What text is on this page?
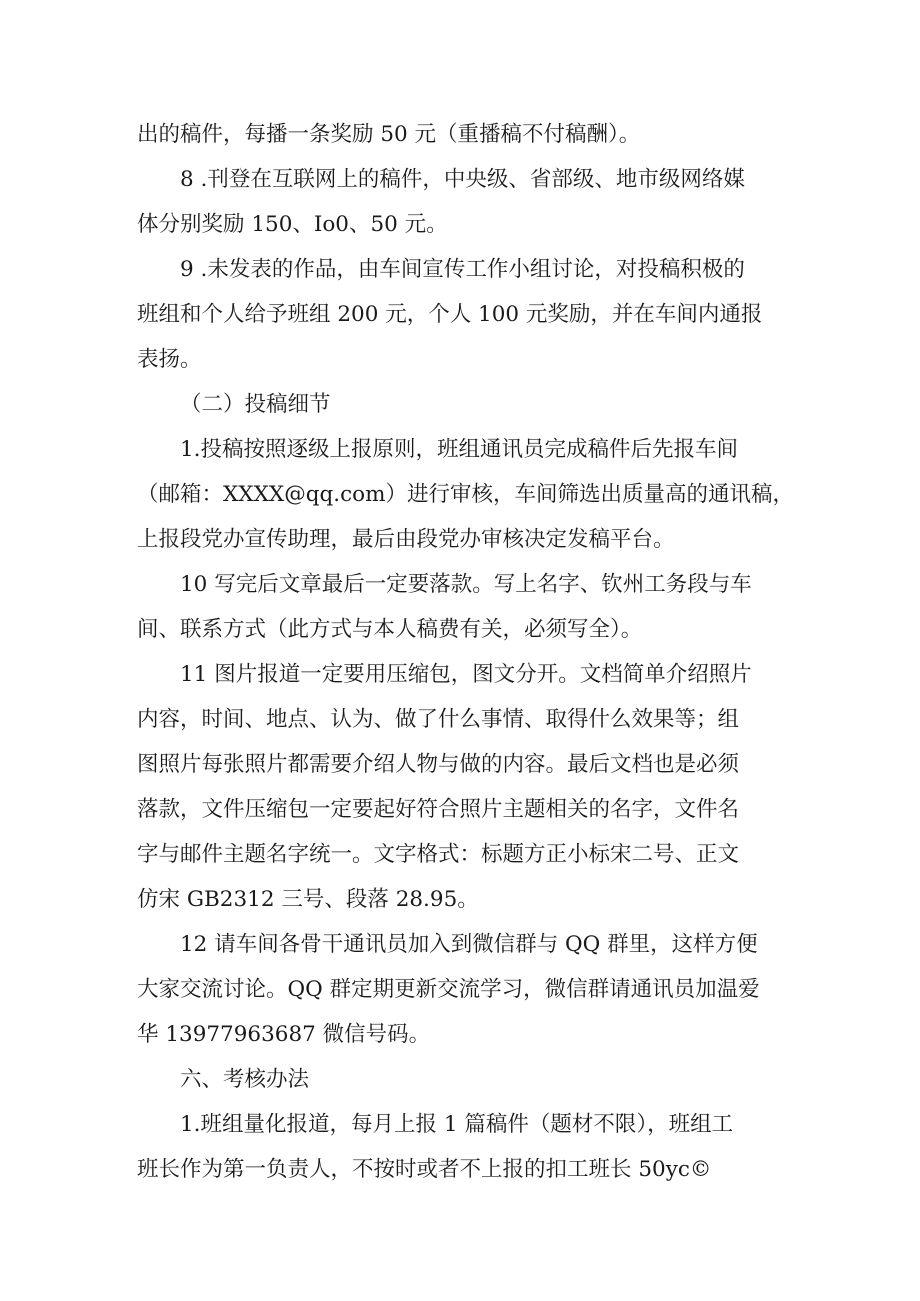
出的稿件，每播一条奖励 50 元（重播稿不付稿酬）。
8 .刊登在互联网上的稿件，中央级、省部级、地市级网络媒
体分别奖励 150、Io0、50 元。
9 .未发表的作品，由车间宣传工作小组讨论，对投稿积极的
班组和个人给予班组 200 元，个人 100 元奖励，并在车间内通报
表扬。
（二）投稿细节
1.投稿按照逐级上报原则，班组通讯员完成稿件后先报车间
（邮箱：XXXX@qq.com）进行审核，车间筛选出质量高的通讯稿，
上报段党办宣传助理，最后由段党办审核决定发稿平台。
10 写完后文章最后一定要落款。写上名字、钦州工务段与车
间、联系方式（此方式与本人稿费有关，必须写全）。
11 图片报道一定要用压缩包，图文分开。文档简单介绍照片
内容，时间、地点、认为、做了什么事情、取得什么效果等；组
图照片每张照片都需要介绍人物与做的内容。最后文档也是必须
落款，文件压缩包一定要起好符合照片主题相关的名字，文件名
字与邮件主题名字统一。文字格式：标题方正小标宋二号、正文
仿宋 GB2312 三号、段落 28.95。
12 请车间各骨干通讯员加入到微信群与 QQ 群里，这样方便
大家交流讨论。QQ 群定期更新交流学习，微信群请通讯员加温爱
华 13977963687 微信号码。
六、考核办法
1.班组量化报道，每月上报 1 篇稿件（题材不限），班组工
班长作为第一负责人，不按时或者不上报的扣工班长 50yc©
